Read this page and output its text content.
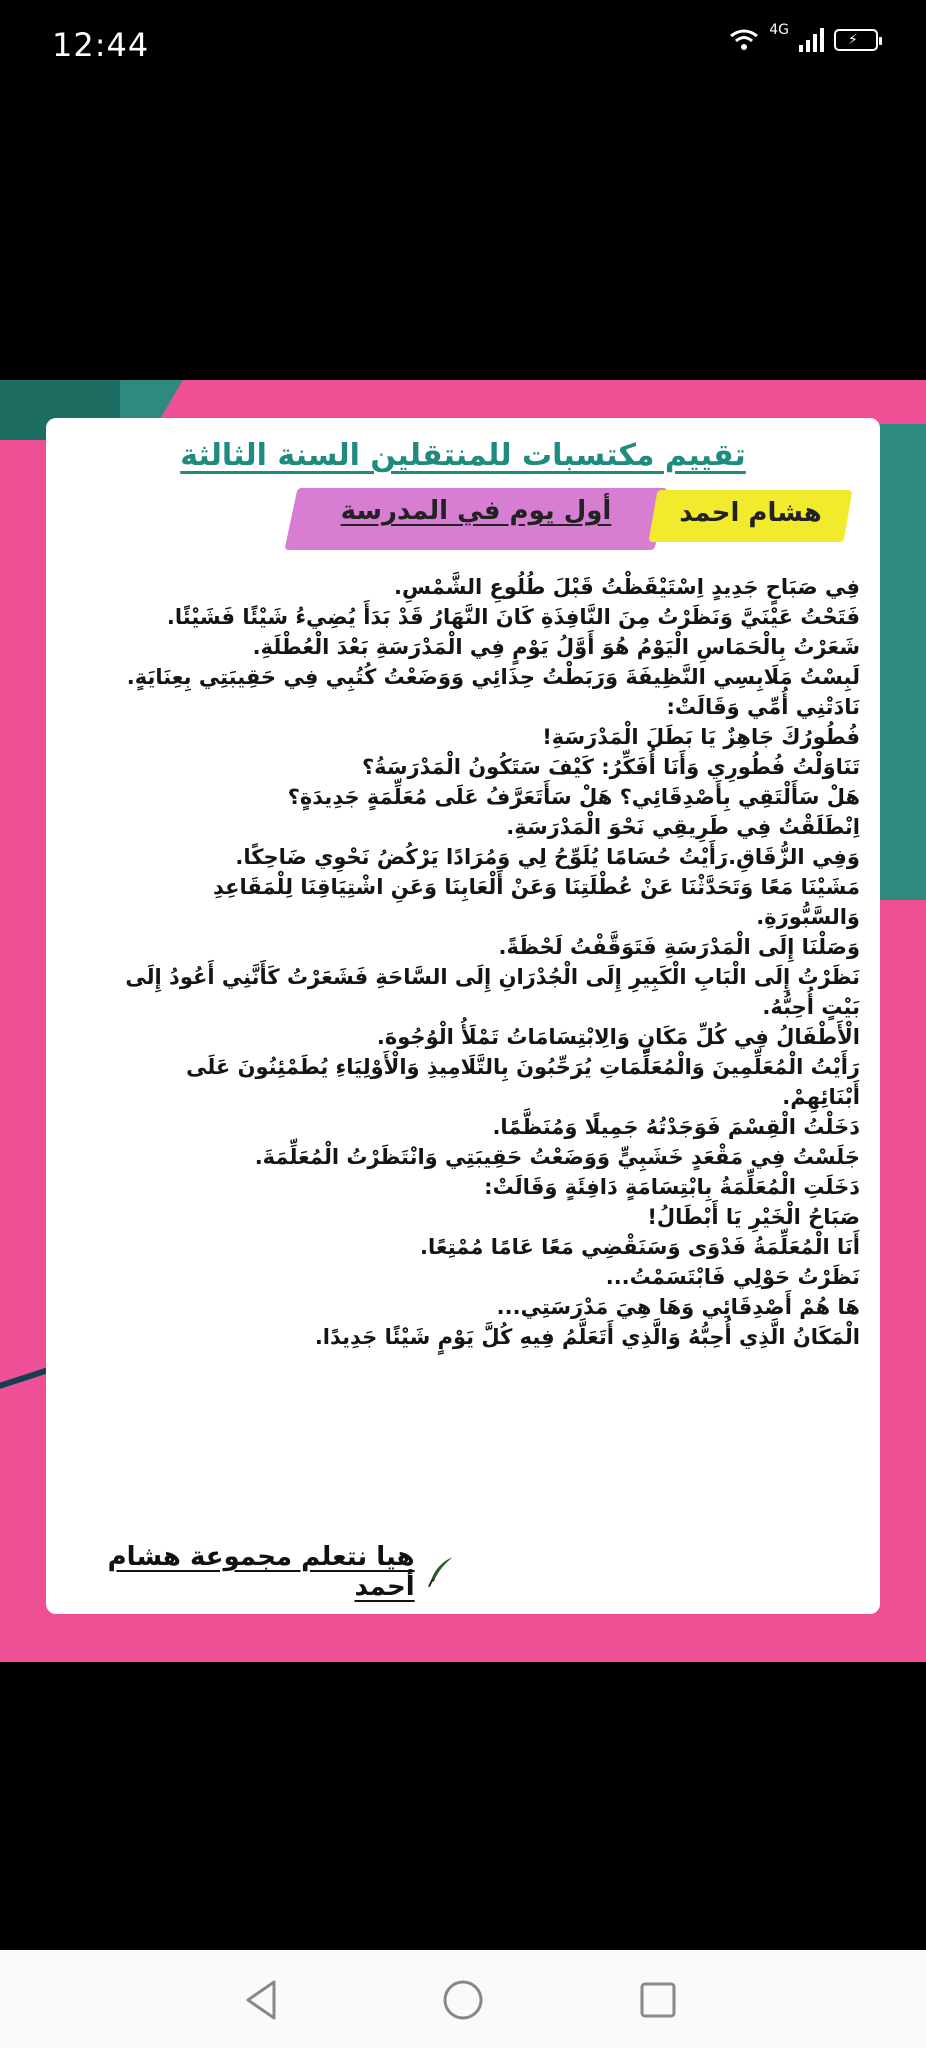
12:44	4G
⚡
تقييم مكتسبات للمنتقلين السنة الثالثة
أول يوم في المدرسة	هشام احمد
فِي صَبَاحٍ جَدِيدٍ اِسْتَيْقَظْتُ قَبْلَ طُلُوعِ الشَّمْسِ.
فَتَحْتُ عَيْنَيَّ وَنَظَرْتُ مِنَ النَّافِذَةِ كَانَ النَّهَارُ قَدْ بَدَأَ يُضِيءُ شَيْئًا فَشَيْئًا.
شَعَرْتُ بِالْحَمَاسِ الْيَوْمُ هُوَ أَوَّلُ يَوْمٍ فِي الْمَدْرَسَةِ بَعْدَ الْعُطْلَةِ.
لَبِسْتُ مَلَابِسِي النَّظِيفَةَ وَرَبَطْتُ حِذَائِي وَوَضَعْتُ كُتُبِي فِي حَقِيبَتِي بِعِنَايَةٍ.
نَادَتْنِي أُمِّي وَقَالَتْ:
فُطُورُكَ جَاهِزٌ يَا بَطَلَ الْمَدْرَسَةِ!
تَنَاوَلْتُ فُطُورِي وَأَنَا أُفَكِّرُ: كَيْفَ سَتَكُونُ الْمَدْرَسَةُ؟
هَلْ سَأَلْتَقِي بِأَصْدِقَائِي؟ هَلْ سَأَتَعَرَّفُ عَلَى مُعَلِّمَةٍ جَدِيدَةٍ؟
اِنْطَلَقْتُ فِي طَرِيقِي نَحْوَ الْمَدْرَسَةِ.
وَفِي الزُّقَاقِ.رَأَيْتُ حُسَامًا يُلَوِّحُ لِي وَمُرَادًا يَرْكُضُ نَحْوِي ضَاحِكًا.
مَشَيْنَا مَعًا وَتَحَدَّثْنَا عَنْ عُطْلَتِنَا وَعَنْ أَلْعَابِنَا وَعَنِ اشْتِيَاقِنَا لِلْمَقَاعِدِ
وَالسَّبُّورَةِ.
وَصَلْنَا إِلَى الْمَدْرَسَةِ فَتَوَقَّفْتُ لَحْظَةً.
نَظَرْتُ إِلَى الْبَابِ الْكَبِيرِ إِلَى الْجُدْرَانِ إِلَى السَّاحَةِ فَشَعَرْتُ كَأَنَّنِي أَعُودُ إِلَى
بَيْتٍ أُحِبُّهُ.
الْأَطْفَالُ فِي كُلِّ مَكَانٍ وَالِابْتِسَامَاتُ تَمْلَأُ الْوُجُوهَ.
رَأَيْتُ الْمُعَلِّمِينَ وَالْمُعَلِّمَاتِ يُرَحِّبُونَ بِالتَّلَامِيذِ وَالْأَوْلِيَاءِ يُطَمْئِنُونَ عَلَى
أَبْنَائِهِمْ.
دَخَلْتُ الْقِسْمَ فَوَجَدْتُهُ جَمِيلًا وَمُنَظَّمًا.
جَلَسْتُ فِي مَقْعَدٍ خَشَبِيٍّ وَوَضَعْتُ حَقِيبَتِي وَانْتَظَرْتُ الْمُعَلِّمَةَ.
دَخَلَتِ الْمُعَلِّمَةُ بِابْتِسَامَةٍ دَافِئَةٍ وَقَالَتْ:
صَبَاحُ الْخَيْرِ يَا أَبْطَالُ!
أَنَا الْمُعَلِّمَةُ فَدْوَى وَسَنَقْضِي مَعًا عَامًا مُمْتِعًا.
نَظَرْتُ حَوْلِي فَابْتَسَمْتُ...
هَا هُمْ أَصْدِقَائِي وَهَا هِيَ مَدْرَسَتِي...
الْمَكَانُ الَّذِي أُحِبُّهُ وَالَّذِي أَتَعَلَّمُ فِيهِ كُلَّ يَوْمٍ شَيْئًا جَدِيدًا.
هيا نتعلم مجموعة هشام أحمد
